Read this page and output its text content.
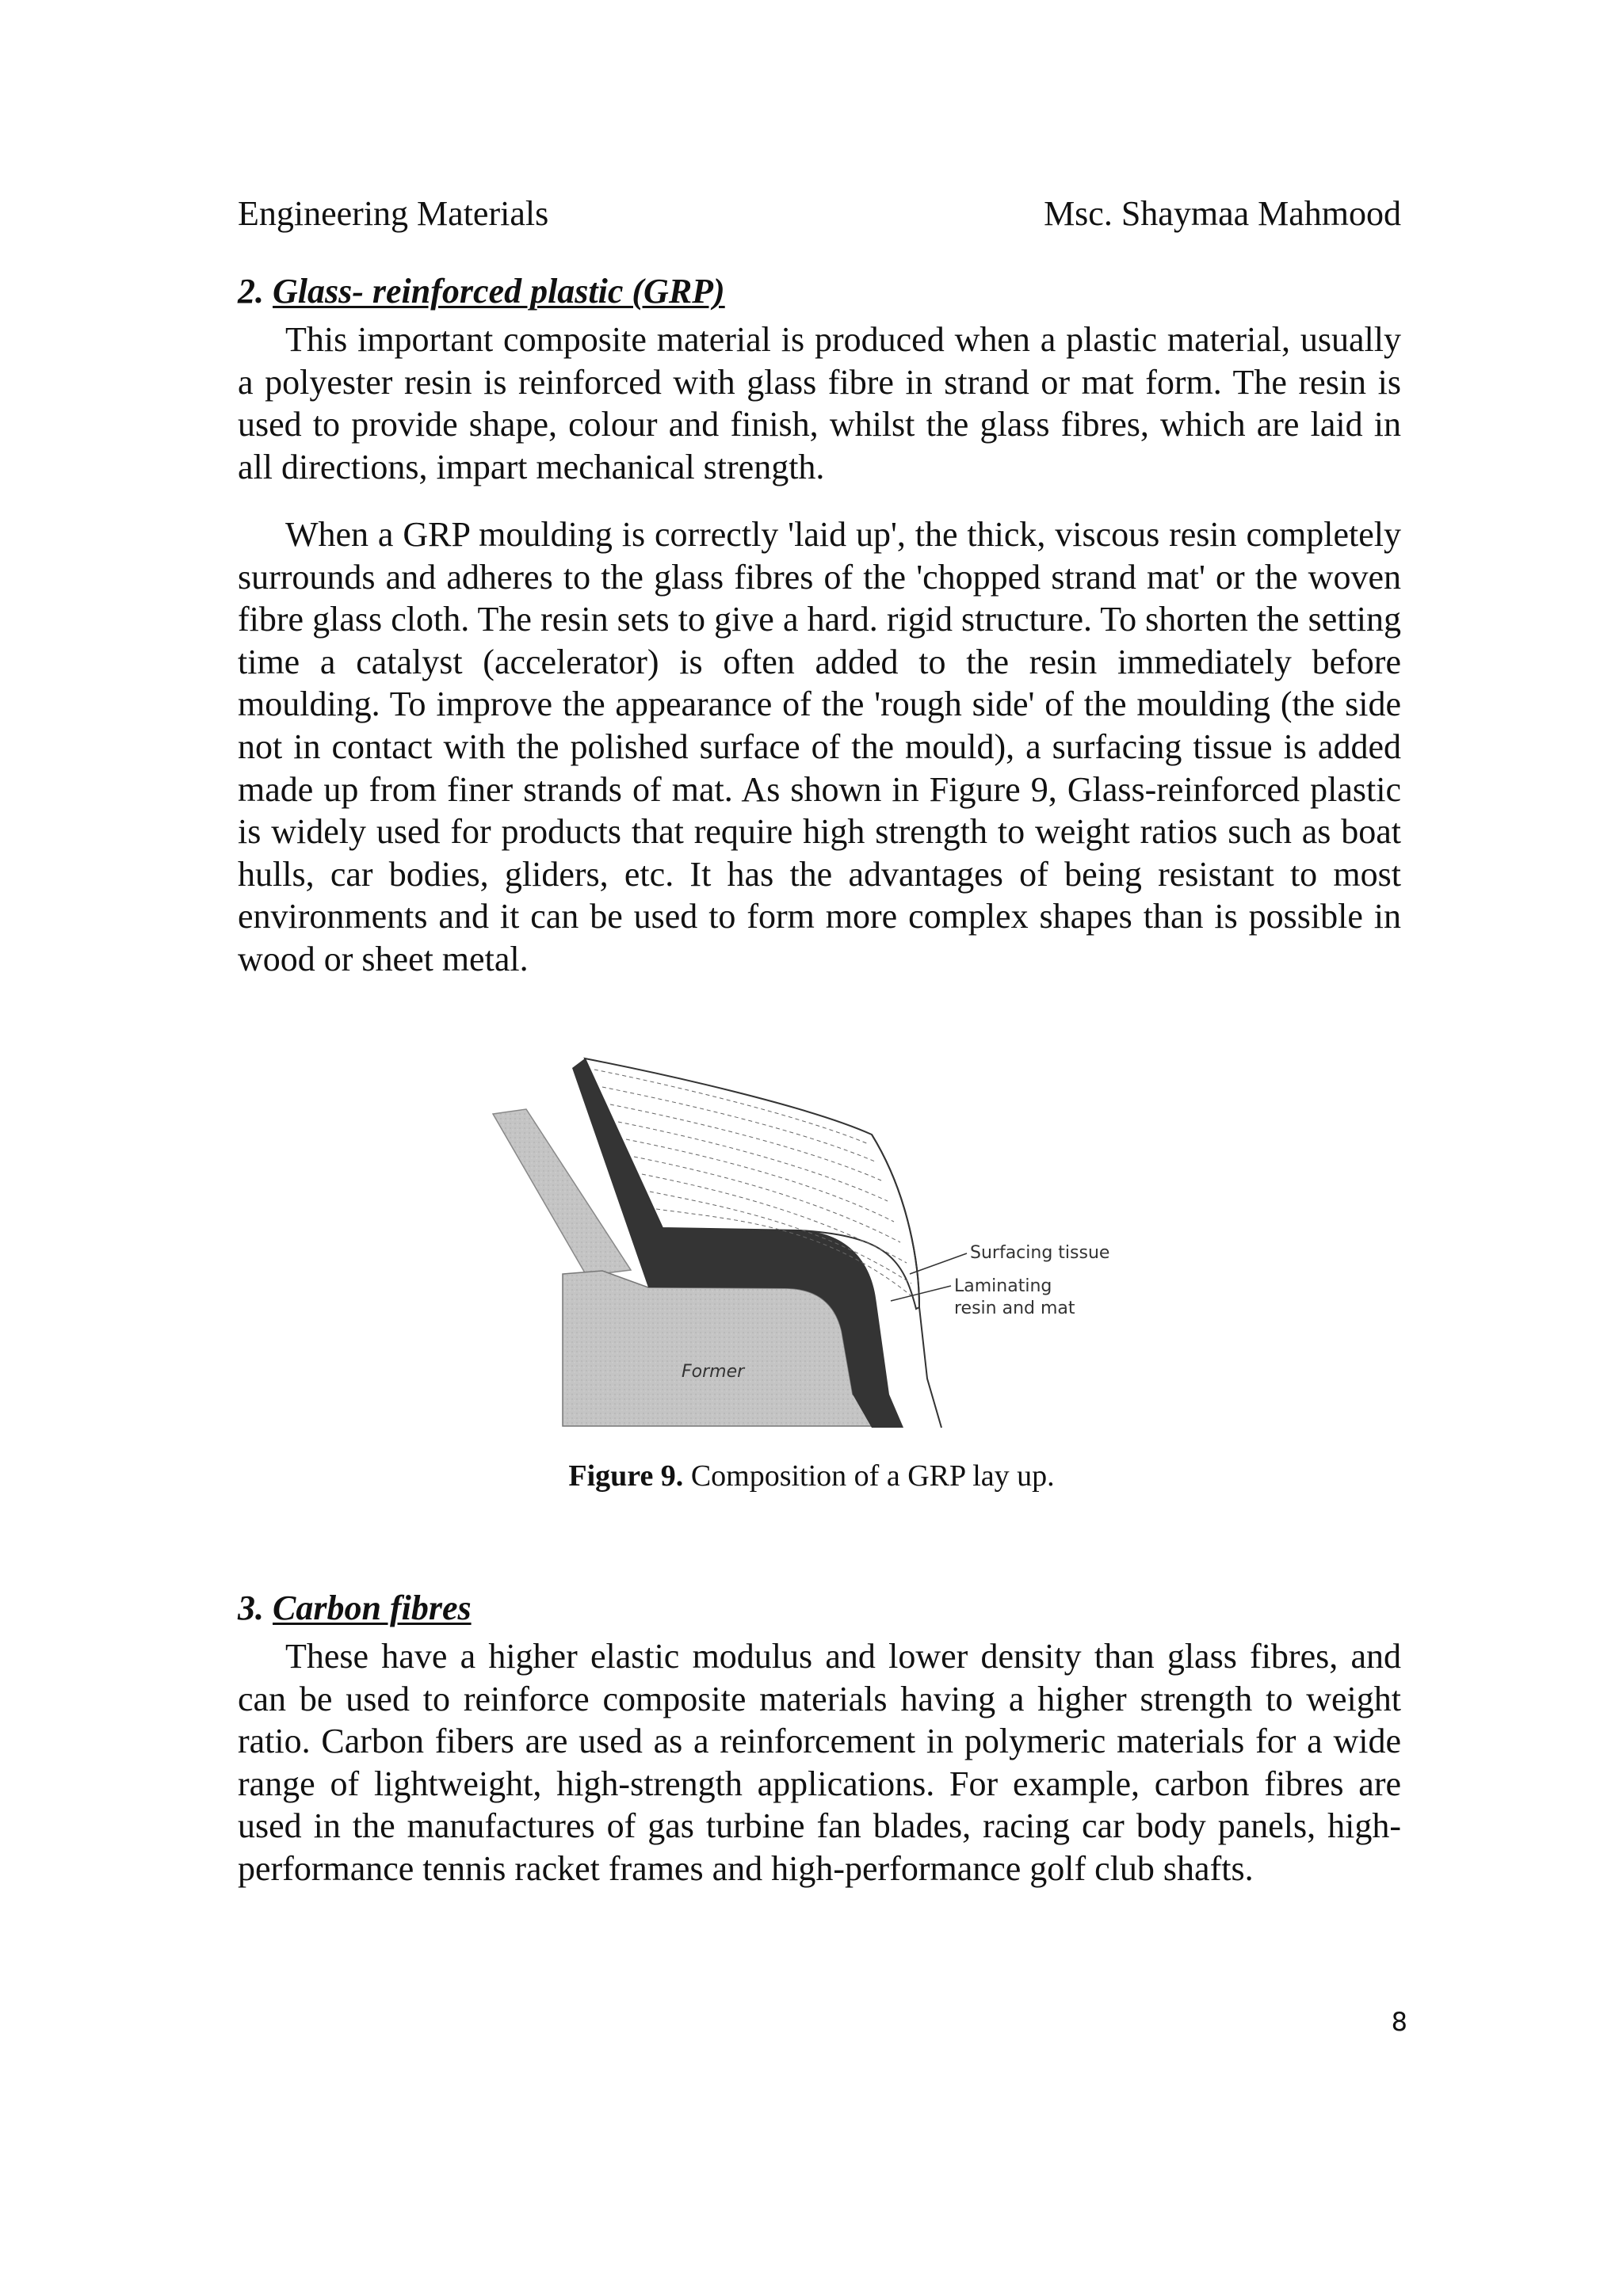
Engineering Materials	Msc. Shaymaa Mahmood
2. Glass- reinforced plastic (GRP)

This important composite material is produced when a plastic material, usually a polyester resin is reinforced with glass fibre in strand or mat form. The resin is used to provide shape, colour and finish, whilst the glass fibres, which are laid in all directions, impart mechanical strength.

When a GRP moulding is correctly 'laid up', the thick, viscous resin completely surrounds and adheres to the glass fibres of the 'chopped strand mat' or the woven fibre glass cloth. The resin sets to give a hard. rigid structure. To shorten the setting time a catalyst (accelerator) is often added to the resin immediately before moulding. To improve the appearance of the 'rough side' of the moulding (the side not in contact with the polished surface of the mould), a surfacing tissue is added made up from finer strands of mat. As shown in Figure 9, Glass-reinforced plastic is widely used for products that require high strength to weight ratios such as boat hulls, car bodies, gliders, etc. It has the advantages of being resistant to most environments and it can be used to form more complex shapes than is possible in wood or sheet metal.

Surfacing tissue
Laminating
resin and mat
Former
Figure 9. Composition of a GRP lay up.
3. Carbon fibres

These have a higher elastic modulus and lower density than glass fibres, and can be used to reinforce composite materials having a higher strength to weight ratio. Carbon fibers are used as a reinforcement in polymeric materials for a wide range of lightweight, high-strength applications. For example, carbon fibres are used in the manufactures of gas turbine fan blades, racing car body panels, high-performance tennis racket frames and high-performance golf club shafts.

8
